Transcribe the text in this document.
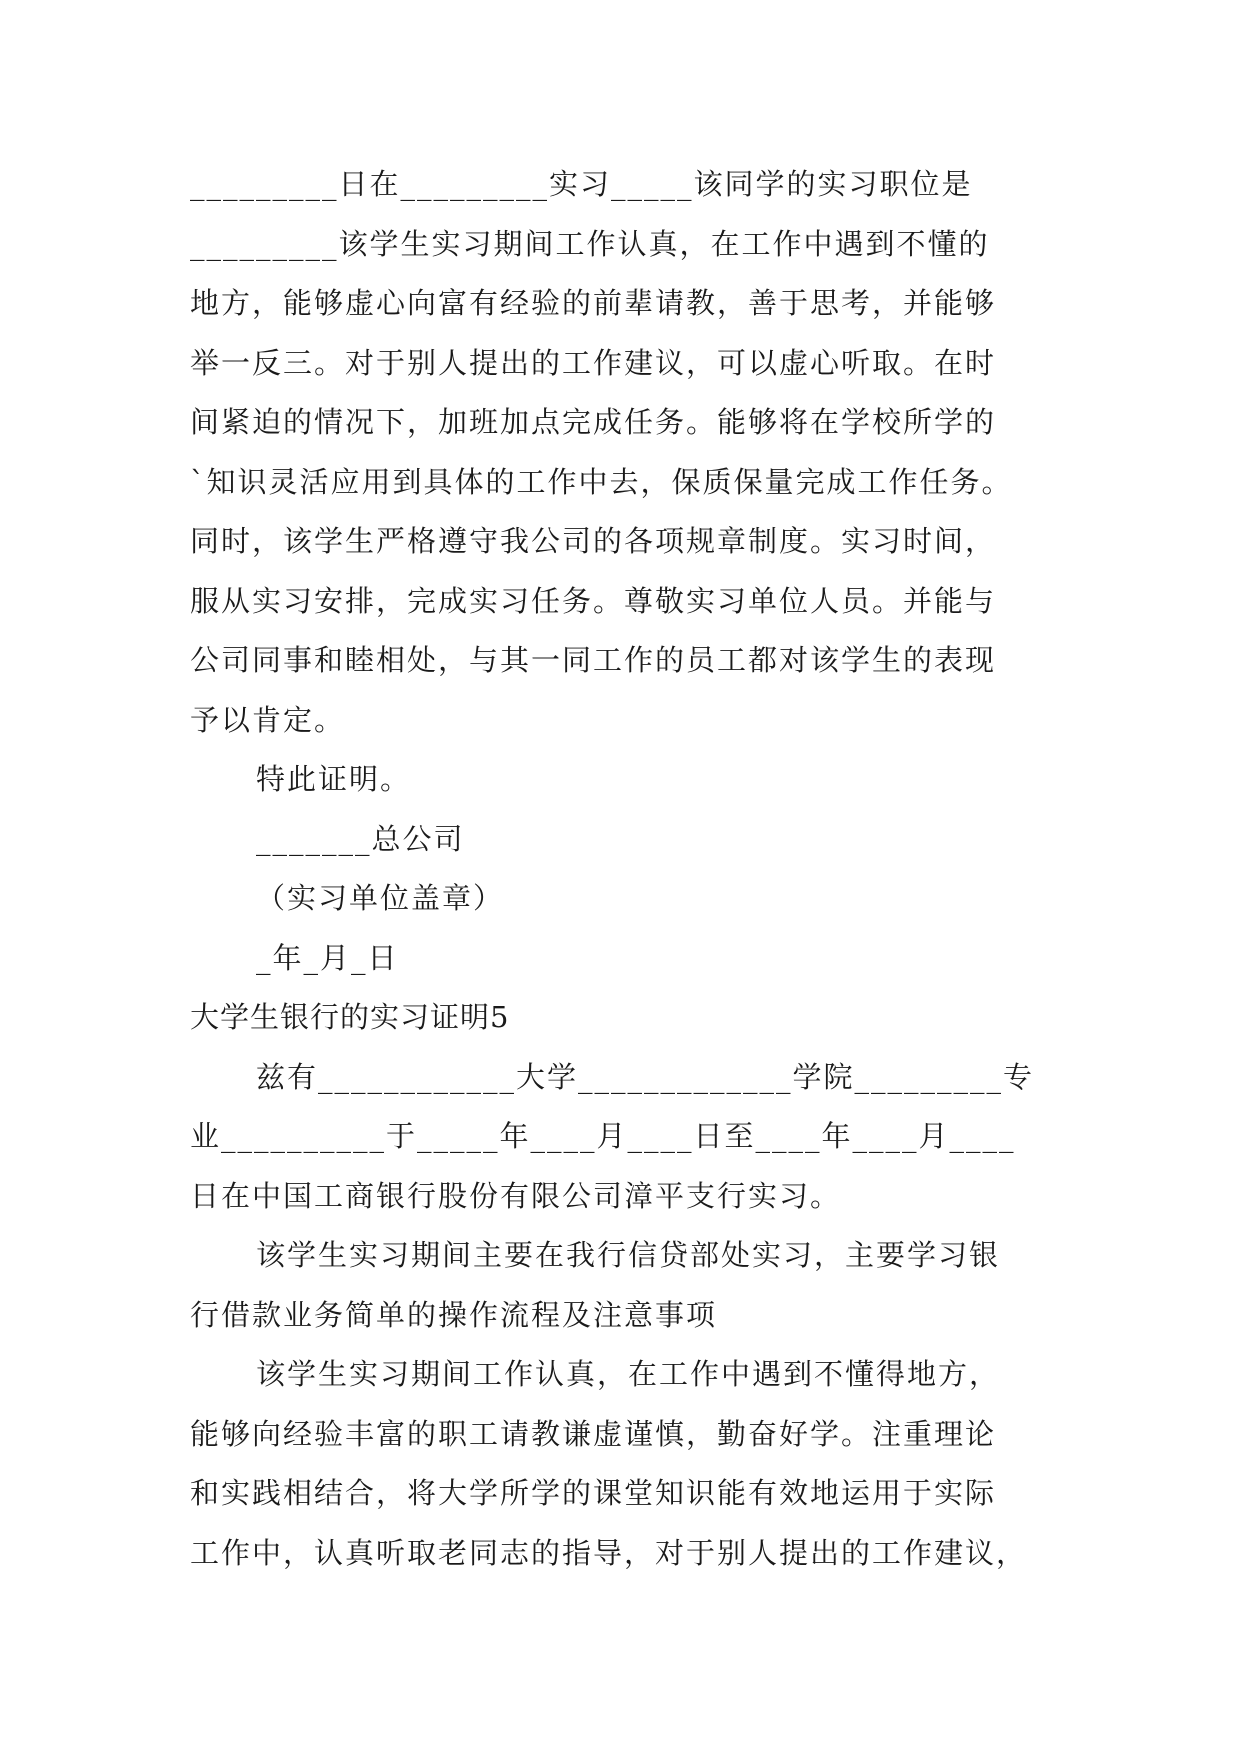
_________日在_________实习_____该同学的实习职位是
_________该学生实习期间工作认真，在工作中遇到不懂的
地方，能够虚心向富有经验的前辈请教，善于思考，并能够
举一反三。对于别人提出的工作建议，可以虚心听取。在时
间紧迫的情况下，加班加点完成任务。能够将在学校所学的
`知识灵活应用到具体的工作中去，保质保量完成工作任务。
同时，该学生严格遵守我公司的各项规章制度。实习时间，
服从实习安排，完成实习任务。尊敬实习单位人员。并能与
公司同事和睦相处，与其一同工作的员工都对该学生的表现
予以肯定。
特此证明。
_______总公司
（实习单位盖章）
_年_月_日
大学生银行的实习证明5
兹有____________大学_____________学院_________专
业__________于_____年____月____日至____年____月____
日在中国工商银行股份有限公司漳平支行实习。
该学生实习期间主要在我行信贷部处实习，主要学习银
行借款业务简单的操作流程及注意事项
该学生实习期间工作认真，在工作中遇到不懂得地方，
能够向经验丰富的职工请教谦虚谨慎，勤奋好学。注重理论
和实践相结合，将大学所学的课堂知识能有效地运用于实际
工作中，认真听取老同志的指导，对于别人提出的工作建议，
